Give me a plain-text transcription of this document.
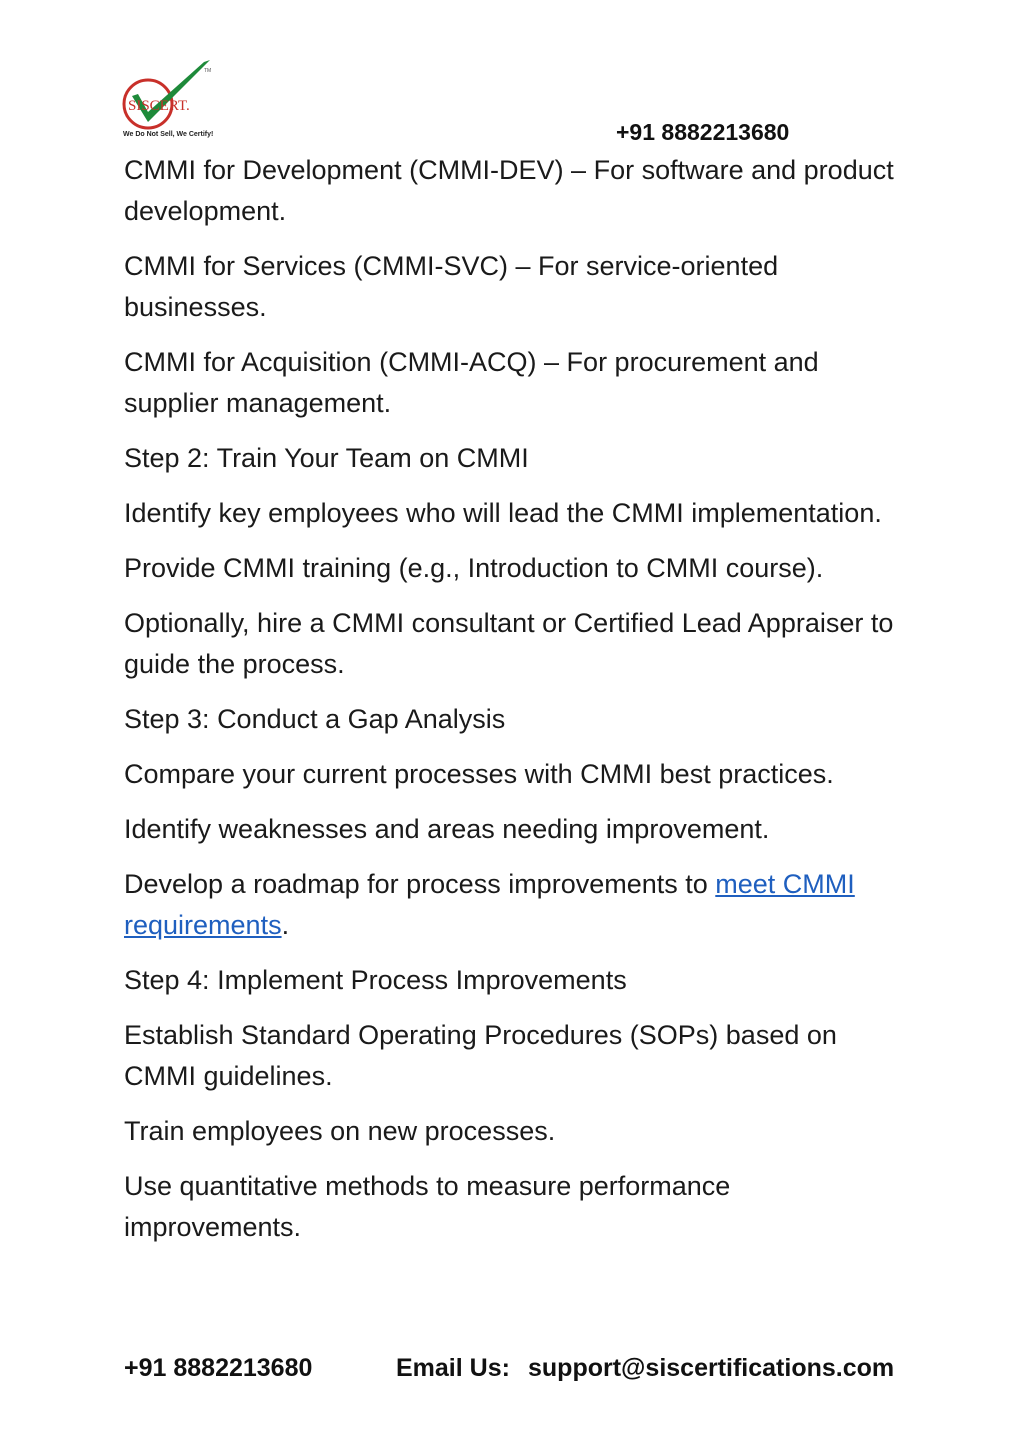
SISCERT.
TM
We Do Not Sell, We Certify!	+91 8882213680

CMMI for Development (CMMI-DEV) – For software and product development.

CMMI for Services (CMMI-SVC) – For service-oriented businesses.

CMMI for Acquisition (CMMI-ACQ) – For procurement and supplier management.

Step 2: Train Your Team on CMMI

Identify key employees who will lead the CMMI implementation.

Provide CMMI training (e.g., Introduction to CMMI course).

Optionally, hire a CMMI consultant or Certified Lead Appraiser to guide the process.

Step 3: Conduct a Gap Analysis

Compare your current processes with CMMI best practices.

Identify weaknesses and areas needing improvement.

Develop a roadmap for process improvements to meet CMMI requirements.

Step 4: Implement Process Improvements

Establish Standard Operating Procedures (SOPs) based on CMMI guidelines.

Train employees on new processes.

Use quantitative methods to measure performance improvements.

+91 8882213680	Email Us: support@siscertifications.com
